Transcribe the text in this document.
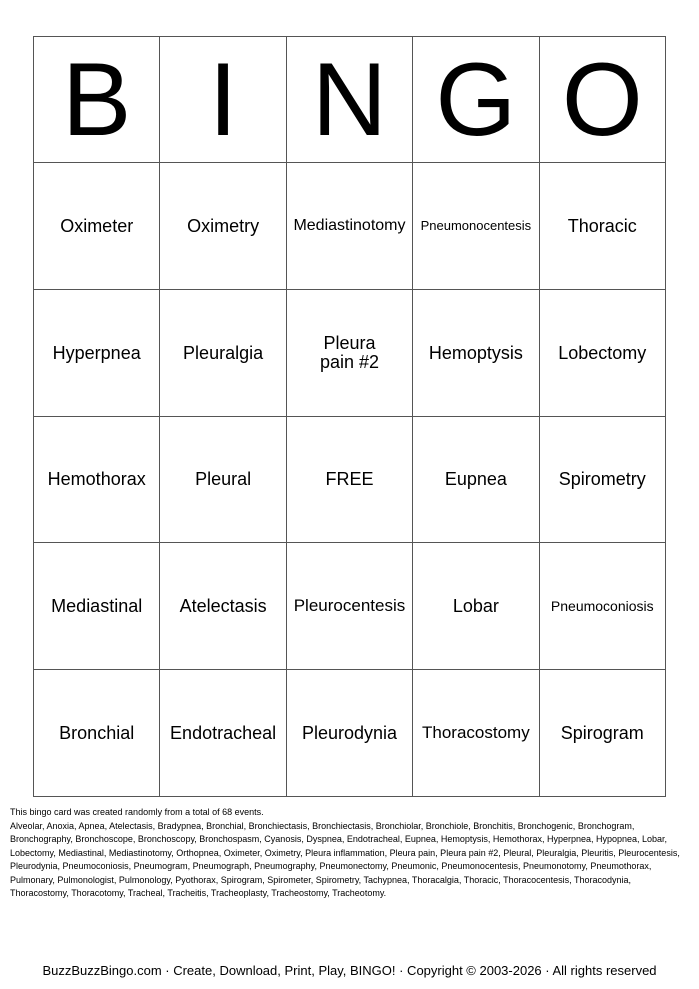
B	I	N	G	O
Oximeter	Oximetry	Mediastinotomy	Pneumonocentesis	Thoracic
Hyperpnea	Pleuralgia	Pleura pain #2	Hemoptysis	Lobectomy
Hemothorax	Pleural	FREE	Eupnea	Spirometry
Mediastinal	Atelectasis	Pleurocentesis	Lobar	Pneumoconiosis
Bronchial	Endotracheal	Pleurodynia	Thoracostomy	Spirogram

This bingo card was created randomly from a total of 68 events.

Alveolar, Anoxia, Apnea, Atelectasis, Bradypnea, Bronchial, Bronchiectasis, Bronchiectasis, Bronchiolar, Bronchiole, Bronchitis, Bronchogenic, Bronchogram, Bronchography, Bronchoscope, Bronchoscopy, Bronchospasm, Cyanosis, Dyspnea, Endotracheal, Eupnea, Hemoptysis, Hemothorax, Hyperpnea, Hypopnea, Lobar, Lobectomy, Mediastinal, Mediastinotomy, Orthopnea, Oximeter, Oximetry, Pleura inflammation, Pleura pain, Pleura pain #2, Pleural, Pleuralgia, Pleuritis, Pleurocentesis, Pleurodynia, Pneumoconiosis, Pneumogram, Pneumograph, Pneumography, Pneumonectomy, Pneumonic, Pneumonocentesis, Pneumonotomy, Pneumothorax, Pulmonary, Pulmonologist, Pulmonology, Pyothorax, Spirogram, Spirometer, Spirometry, Tachypnea, Thoracalgia, Thoracic, Thoracocentesis, Thoracodynia, Thoracostomy, Thoracotomy, Tracheal, Tracheitis, Tracheoplasty, Tracheostomy, Tracheotomy.

BuzzBuzzBingo.com · Create, Download, Print, Play, BINGO! · Copyright © 2003-2026 · All rights reserved
